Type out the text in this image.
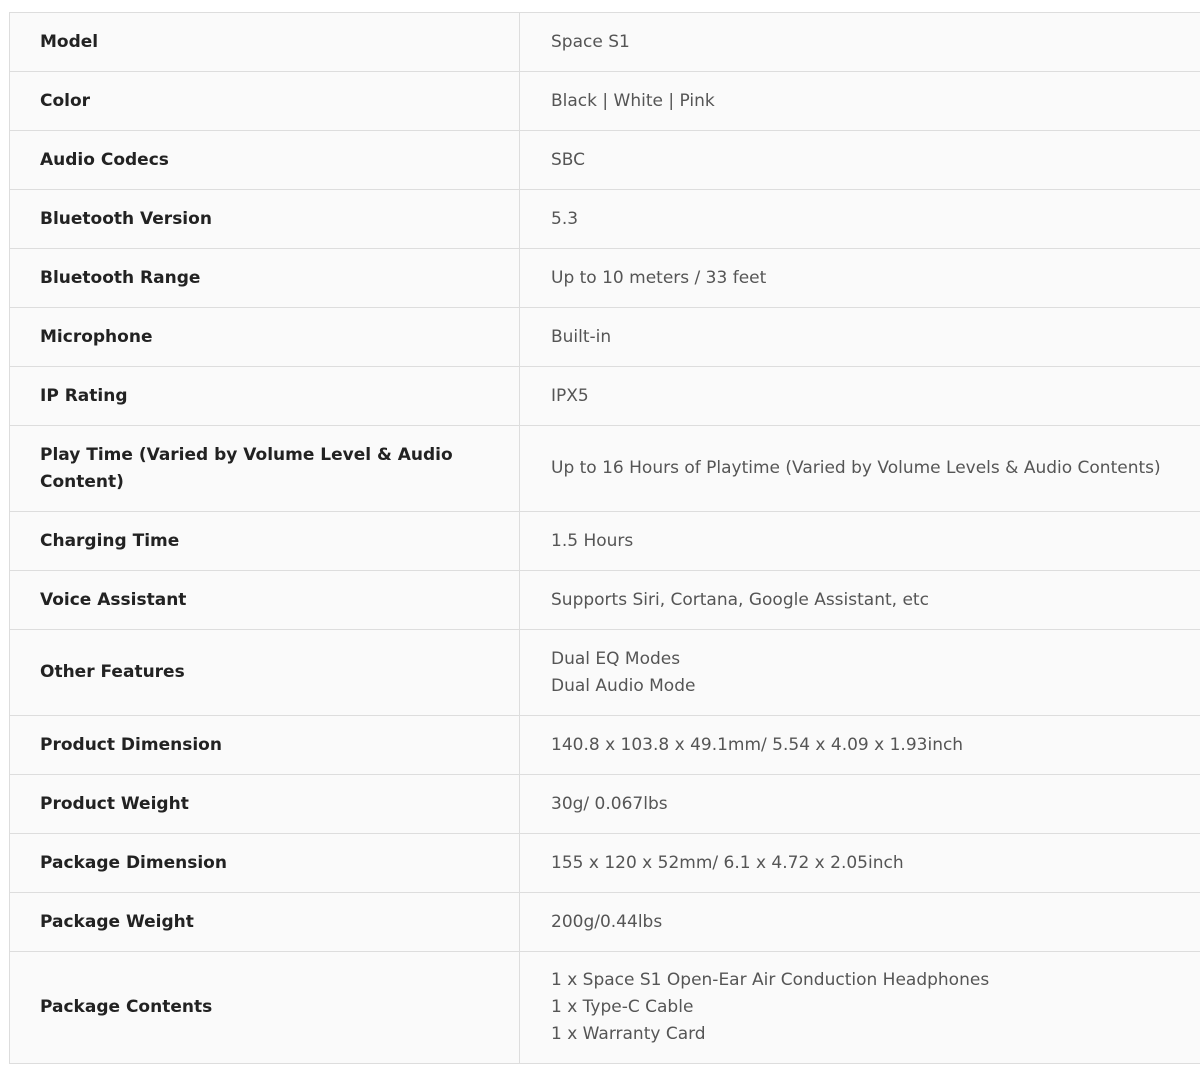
Model	Space S1

Color	Black | White | Pink

Audio Codecs	SBC

Bluetooth Version	5.3

Bluetooth Range	Up to 10 meters / 33 feet

Microphone	Built-in

IP Rating	IPX5

Play Time (Varied by Volume Level & Audio Content)	Up to 16 Hours of Playtime (Varied by Volume Levels & Audio Contents)

Charging Time	1.5 Hours

Voice Assistant	Supports Siri, Cortana, Google Assistant, etc

Other Features	Dual EQ Modes
Dual Audio Mode

Product Dimension	140.8 x 103.8 x 49.1mm/ 5.54 x 4.09 x 1.93inch

Product Weight	30g/ 0.067lbs

Package Dimension	155 x 120 x 52mm/ 6.1 x 4.72 x 2.05inch

Package Weight	200g/0.44lbs

Package Contents	1 x Space S1 Open-Ear Air Conduction Headphones
1 x Type-C Cable
1 x Warranty Card
